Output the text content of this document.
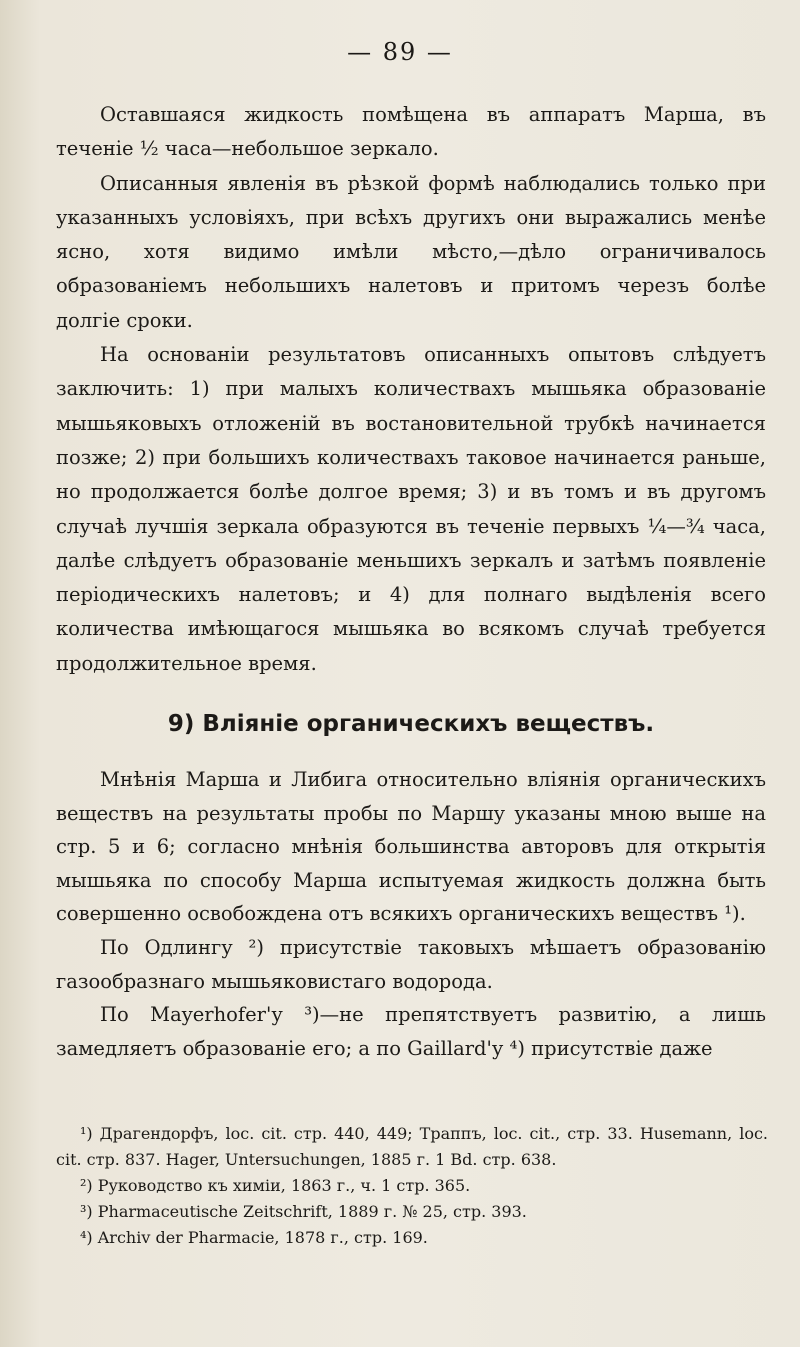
— 89 —

Оставшаяся жидкость помѣщена въ аппаратъ Марша, въ теченіе ½ часа—небольшое зеркало.

Описанныя явленія въ рѣзкой формѣ наблюдались только при указанныхъ условіяхъ, при всѣхъ другихъ они выражались менѣе ясно, хотя видимо имѣли мѣсто,—дѣло ограничивалось образованіемъ небольшихъ налетовъ и притомъ черезъ болѣе долгіе сроки.

На основаніи результатовъ описанныхъ опытовъ слѣдуетъ заключить: 1) при малыхъ количествахъ мышьяка образованіе мышьяковыхъ отложеній въ востановительной трубкѣ начинается позже; 2) при большихъ количествахъ таковое начинается раньше, но продолжается болѣе долгое время; 3) и въ томъ и въ другомъ случаѣ лучшія зеркала образуются въ теченіе первыхъ ¼—¾ часа, далѣе слѣдуетъ образованіе меньшихъ зеркалъ и затѣмъ появленіе періодическихъ налетовъ; и 4) для полнаго выдѣленія всего количества имѣющагося мышьяка во всякомъ случаѣ требуется продолжительное время.

9) Вліяніе органическихъ веществъ.

Мнѣнія Марша и Либига относительно вліянія органическихъ веществъ на результаты пробы по Маршу указаны мною выше на стр. 5 и 6; согласно мнѣнія большинства авторовъ для открытія мышьяка по способу Марша испытуемая жидкость должна быть совершенно освобождена отъ всякихъ органическихъ веществъ ¹).

По Одлингу ²) присутствіе таковыхъ мѣшаетъ образованію газообразнаго мышьяковистаго водорода.

По Mayerhofer'у ³)—не препятствуетъ развитію, а лишь замедляетъ образованіе его; а по Gaillard'у ⁴) присутствіе даже

¹) Драгендорфъ, loc. cit. стр. 440, 449; Траппъ, loc. cit., стр. 33. Husemann, loc. cit. стр. 837. Hager, Untersuchungen, 1885 г. 1 Bd. стр. 638.

²) Руководство къ химіи, 1863 г., ч. 1 стр. 365.

³) Pharmaceutische Zeitschrift, 1889 г. № 25, стр. 393.

⁴) Archiv der Pharmacie, 1878 г., стр. 169.
